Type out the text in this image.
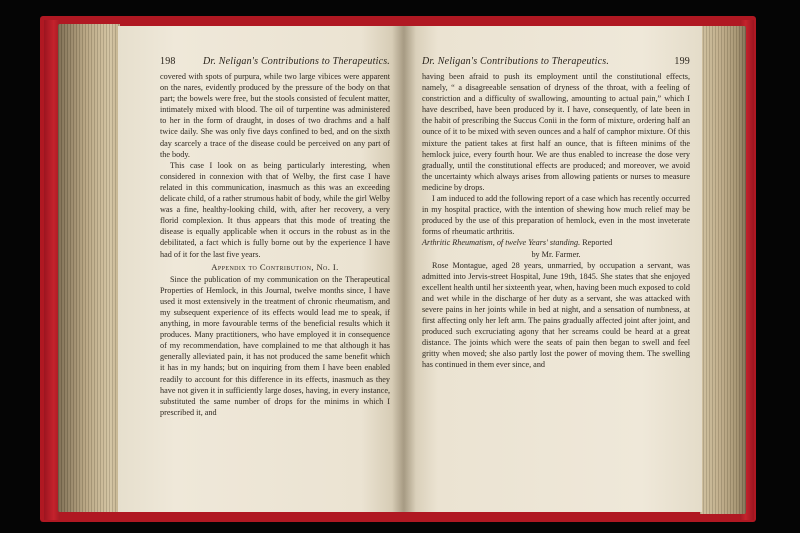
198	Dr. Neligan's Contributions to Therapeutics.

covered with spots of purpura, while two large vibices were apparent on the nares, evidently produced by the pressure of the body on that part; the bowels were free, but the stools consisted of feculent matter, intimately mixed with blood. The oil of turpentine was administered to her in the form of draught, in doses of two drachms and a half twice daily. She was only five days confined to bed, and on the sixth day scarcely a trace of the disease could be perceived on any part of the body.

This case I look on as being particularly interesting, when considered in connexion with that of Welby, the first case I have related in this communication, inasmuch as this was an exceeding delicate child, of a rather strumous habit of body, while the girl Welby was a fine, healthy-looking child, with, after her recovery, a very florid complexion. It thus appears that this mode of treating the disease is equally applicable when it occurs in the robust as in the debilitated, a fact which is fully borne out by the experience I have had of it for the last five years.

Appendix to Contribution, No. I.

Since the publication of my communication on the Therapeutical Properties of Hemlock, in this Journal, twelve months since, I have used it most extensively in the treatment of chronic rheumatism, and my subsequent experience of its effects would lead me to speak, if anything, in more favourable terms of the beneficial results which it produces. Many practitioners, who have employed it in consequence of my recommendation, have complained to me that although it has generally alleviated pain, it has not produced the same benefit which it has in my hands; but on inquiring from them I have been enabled readily to account for this difference in its effects, inasmuch as they have not given it in sufficiently large doses, having, in every instance, substituted the same number of drops for the minims in which I prescribed it, and

Dr. Neligan's Contributions to Therapeutics.	199

having been afraid to push its employment until the constitutional effects, namely, “ a disagreeable sensation of dryness of the throat, with a feeling of constriction and a difficulty of swallowing, amounting to actual pain,” which I have described, have been produced by it. I have, consequently, of late been in the habit of prescribing the Succus Conii in the form of mixture, ordering half an ounce of it to be mixed with seven ounces and a half of camphor mixture. Of this mixture the patient takes at first half an ounce, that is fifteen minims of the hemlock juice, every fourth hour. We are thus enabled to increase the dose very gradually, until the constitutional effects are produced; and moreover, we avoid the uncertainty which always arises from allowing patients or nurses to measure medicine by drops.

I am induced to add the following report of a case which has recently occurred in my hospital practice, with the intention of shewing how much relief may be produced by the use of this preparation of hemlock, even in the most inveterate forms of rheumatic arthritis.

Arthritic Rheumatism, of twelve Years' standing. Reported

by Mr. Farmer.

Rose Montague, aged 28 years, unmarried, by occupation a servant, was admitted into Jervis-street Hospital, June 19th, 1845. She states that she enjoyed excellent health until her sixteenth year, when, having been much exposed to cold and wet while in the discharge of her duty as a servant, she was attacked with severe pains in her joints while in bed at night, and a sensation of numbness, at first affecting only her left arm. The pains gradually affected joint after joint, and produced such excruciating agony that her screams could be heard at a great distance. The joints which were the seats of pain then began to swell and feel gritty when moved; she also partly lost the power of moving them. The swelling has continued in them ever since, and
